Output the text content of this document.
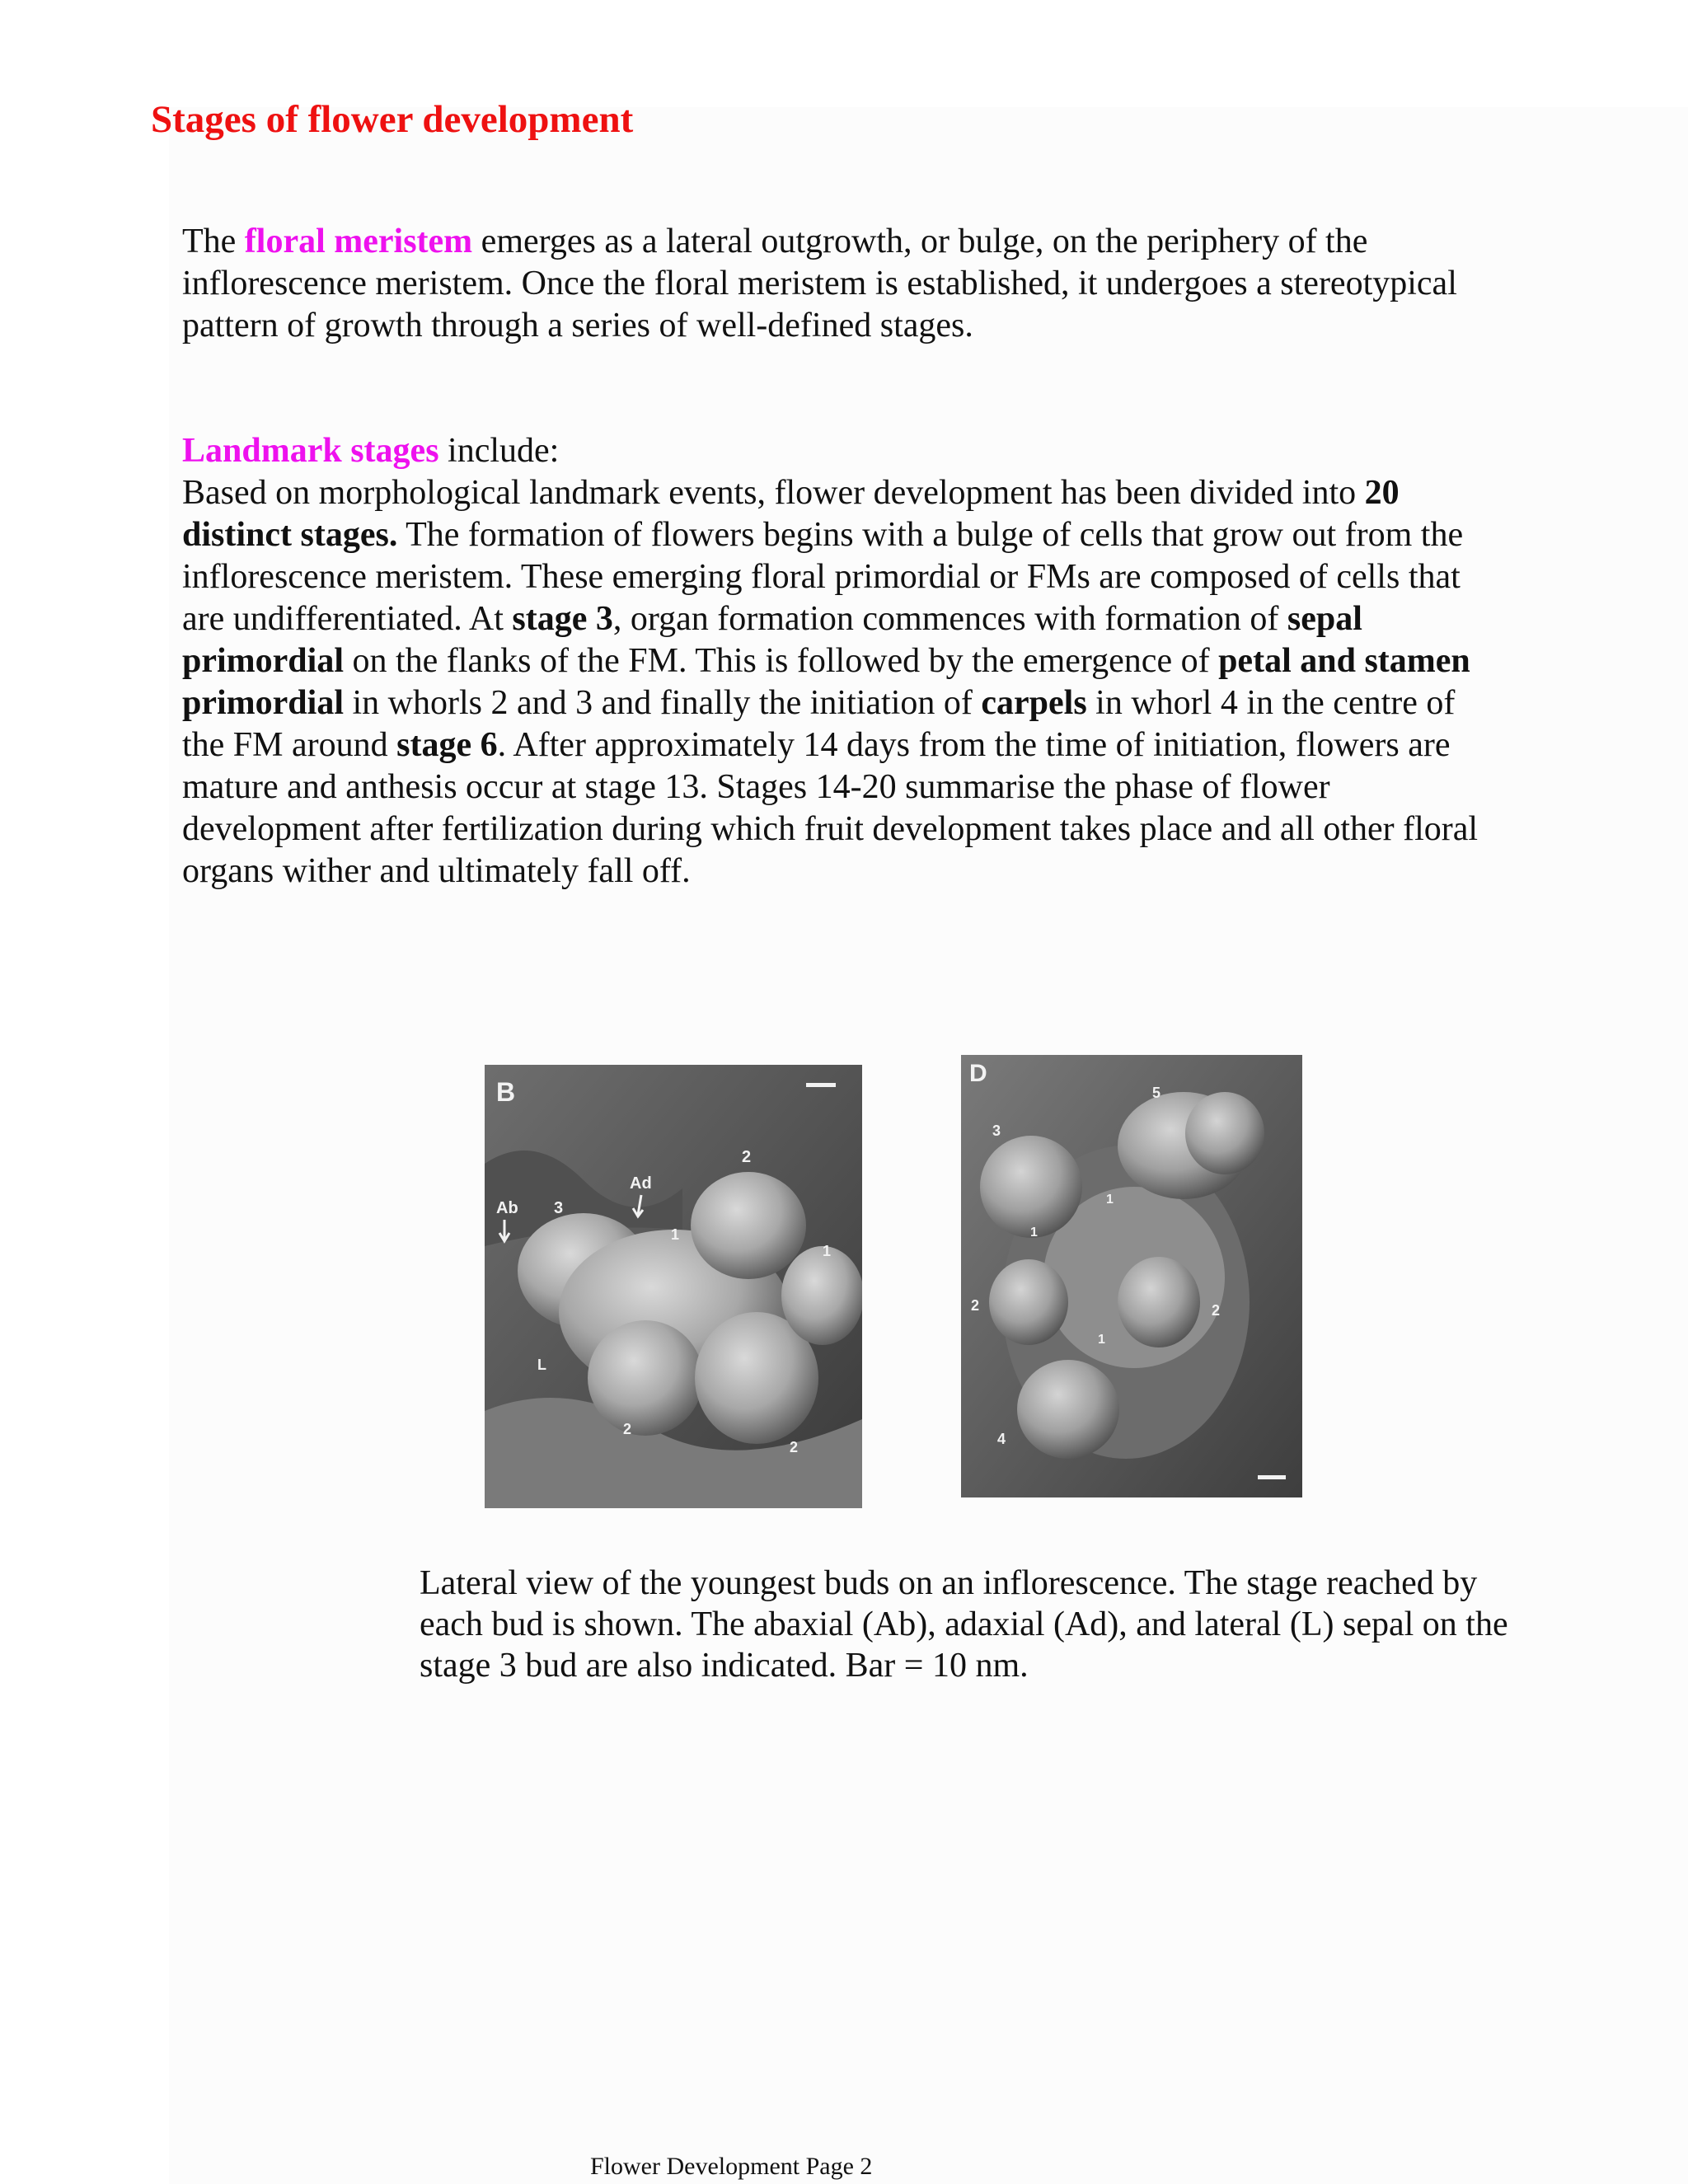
Stages of flower development

The floral meristem emerges as a lateral outgrowth, or bulge, on the periphery of the inflorescence meristem. Once the floral meristem is established, it undergoes a stereotypical pattern of growth through a series of well-defined stages.

Landmark stages include:
Based on morphological landmark events, flower development has been divided into 20 distinct stages. The formation of flowers begins with a bulge of cells that grow out from the inflorescence meristem. These emerging floral primordial or FMs are composed of cells that are undifferentiated. At stage 3, organ formation commences with formation of sepal primordial on the flanks of the FM. This is followed by the emergence of petal and stamen primordial in whorls 2 and 3 and finally the initiation of carpels in whorl 4 in the centre of the FM around stage 6. After approximately 14 days from the time of initiation, flowers are mature and anthesis occur at stage 13. Stages 14-20 summarise the phase of flower development after fertilization during which fruit development takes place and all other floral organs wither and ultimately fall off.

B
Ab 3
Ad
2
1
1
L
2
2
D
5
3
1
1
2	2
1
4

Lateral view of the youngest buds on an inflorescence. The stage reached by each bud is shown. The abaxial (Ab), adaxial (Ad), and lateral (L) sepal on the stage 3 bud are also indicated. Bar = 10 nm.

Flower Development Page 2
